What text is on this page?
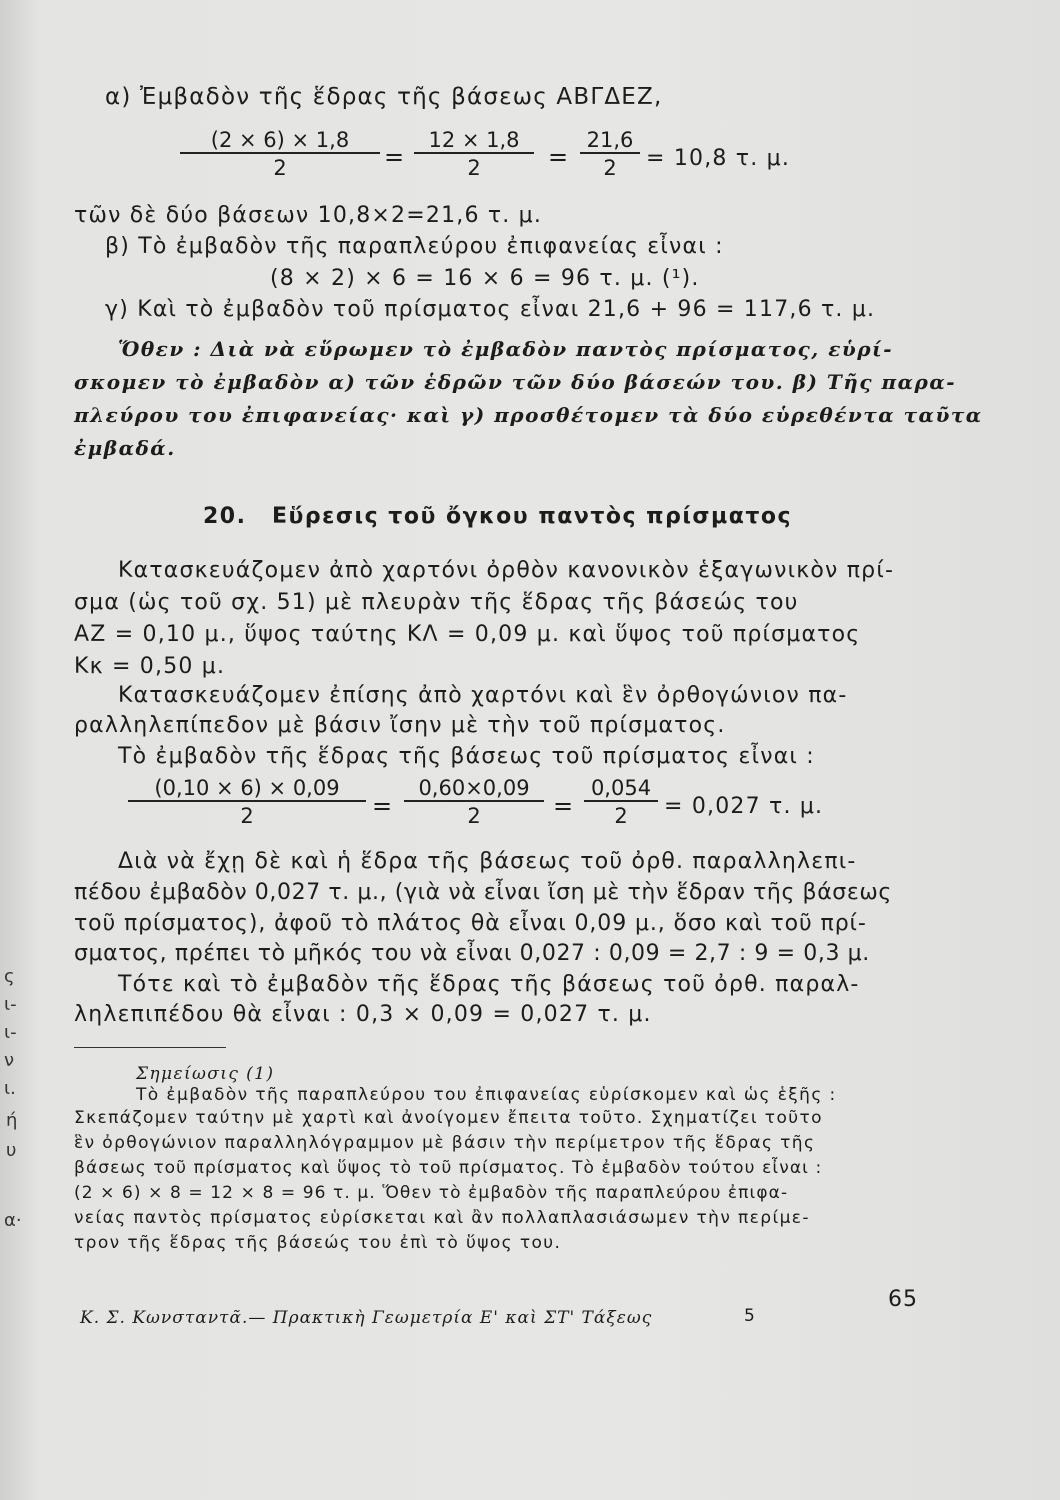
α) Ἐμβαδὸν τῆς ἕδρας τῆς βάσεως ΑΒΓΔΕΖ,
$\frac{(2 \times 6) \times 1,8}{2} = \frac{12 \times 1,8}{2} = \frac{21,6}{2} = 10,8$ τ. μ.
τῶν δὲ δύο βάσεων 10,8×2=21,6 τ. μ.
β) Τὸ ἐμβαδὸν τῆς παραπλεύρου ἐπιφανείας εἶναι :
(8 × 2) × 6 = 16 × 6 = 96 τ. μ. (¹).
γ) Καὶ τὸ ἐμβαδὸν τοῦ πρίσματος εἶναι 21,6 + 96 = 117,6 τ. μ.
Ὅθεν : Διὰ νὰ εὕρωμεν τὸ ἐμβαδὸν παντὸς πρίσματος, εὑρί-
σκομεν τὸ ἐμβαδὸν α) τῶν ἑδρῶν τῶν δύο βάσεών του. β) Τῆς παρα-
πλεύρου του ἐπιφανείας· καὶ γ) προσθέτομεν τὰ δύο εὑρεθέντα ταῦτα
ἐμβαδά.
20. Εὕρεσις τοῦ ὄγκου παντὸς πρίσματος
Κατασκευάζομεν ἀπὸ χαρτόνι ὀρθὸν κανονικὸν ἑξαγωνικὸν πρί-
σμα (ὡς τοῦ σχ. 51) μὲ πλευρὰν τῆς ἕδρας τῆς βάσεώς του
ΑΖ = 0,10 μ., ὕψος ταύτης ΚΛ = 0,09 μ. καὶ ὕψος τοῦ πρίσματος
Κκ = 0,50 μ.
Κατασκευάζομεν ἐπίσης ἀπὸ χαρτόνι καὶ ἓν ὀρθογώνιον πα-
ραλληλεπίπεδον μὲ βάσιν ἴσην μὲ τὴν τοῦ πρίσματος.
Τὸ ἐμβαδὸν τῆς ἕδρας τῆς βάσεως τοῦ πρίσματος εἶναι :
$\frac{(0,10 \times 6) \times 0,09}{2} = \frac{0,60\times 0,09}{2} = \frac{0,054}{2} = 0,027$ τ. μ.
Διὰ νὰ ἔχῃ δὲ καὶ ἡ ἕδρα τῆς βάσεως τοῦ ὀρθ. παραλληλεπι-
πέδου ἐμβαδὸν 0,027 τ. μ., (γιὰ νὰ εἶναι ἴση μὲ τὴν ἕδραν τῆς βάσεως
τοῦ πρίσματος), ἀφοῦ τὸ πλάτος θὰ εἶναι 0,09 μ., ὅσο καὶ τοῦ πρί-
σματος, πρέπει τὸ μῆκός του νὰ εἶναι 0,027 : 0,09 = 2,7 : 9 = 0,3 μ.
Τότε καὶ τὸ ἐμβαδὸν τῆς ἕδρας τῆς βάσεως τοῦ ὀρθ. παραλ-
ληλεπιπέδου θὰ εἶναι : 0,3 × 0,09 = 0,027 τ. μ.
Σημείωσις (1)
Τὸ ἐμβαδὸν τῆς παραπλεύρου του ἐπιφανείας εὑρίσκομεν καὶ ὡς ἑξῆς :
Σκεπάζομεν ταύτην μὲ χαρτὶ καὶ ἀνοίγομεν ἔπειτα τοῦτο. Σχηματίζει τοῦτο
ἓν ὀρθογώνιον παραλληλόγραμμον μὲ βάσιν τὴν περίμετρον τῆς ἕδρας τῆς
βάσεως τοῦ πρίσματος καὶ ὕψος τὸ τοῦ πρίσματος. Τὸ ἐμβαδὸν τούτου εἶναι :
(2 × 6) × 8 = 12 × 8 = 96 τ. μ. Ὅθεν τὸ ἐμβαδὸν τῆς παραπλεύρου ἐπιφα-
νείας παντὸς πρίσματος εὑρίσκεται καὶ ἂν πολλαπλασιάσωμεν τὴν περίμε-
τρον τῆς ἕδρας τῆς βάσεώς του ἐπὶ τὸ ὕψος του.
Κ. Σ. Κωνσταντᾶ.— Πρακτικὴ Γεωμετρία Ε' καὶ ΣΤ' Τάξεως	5
65
ς
ι-
ι-
ν
ι.
ή
υ
α·
